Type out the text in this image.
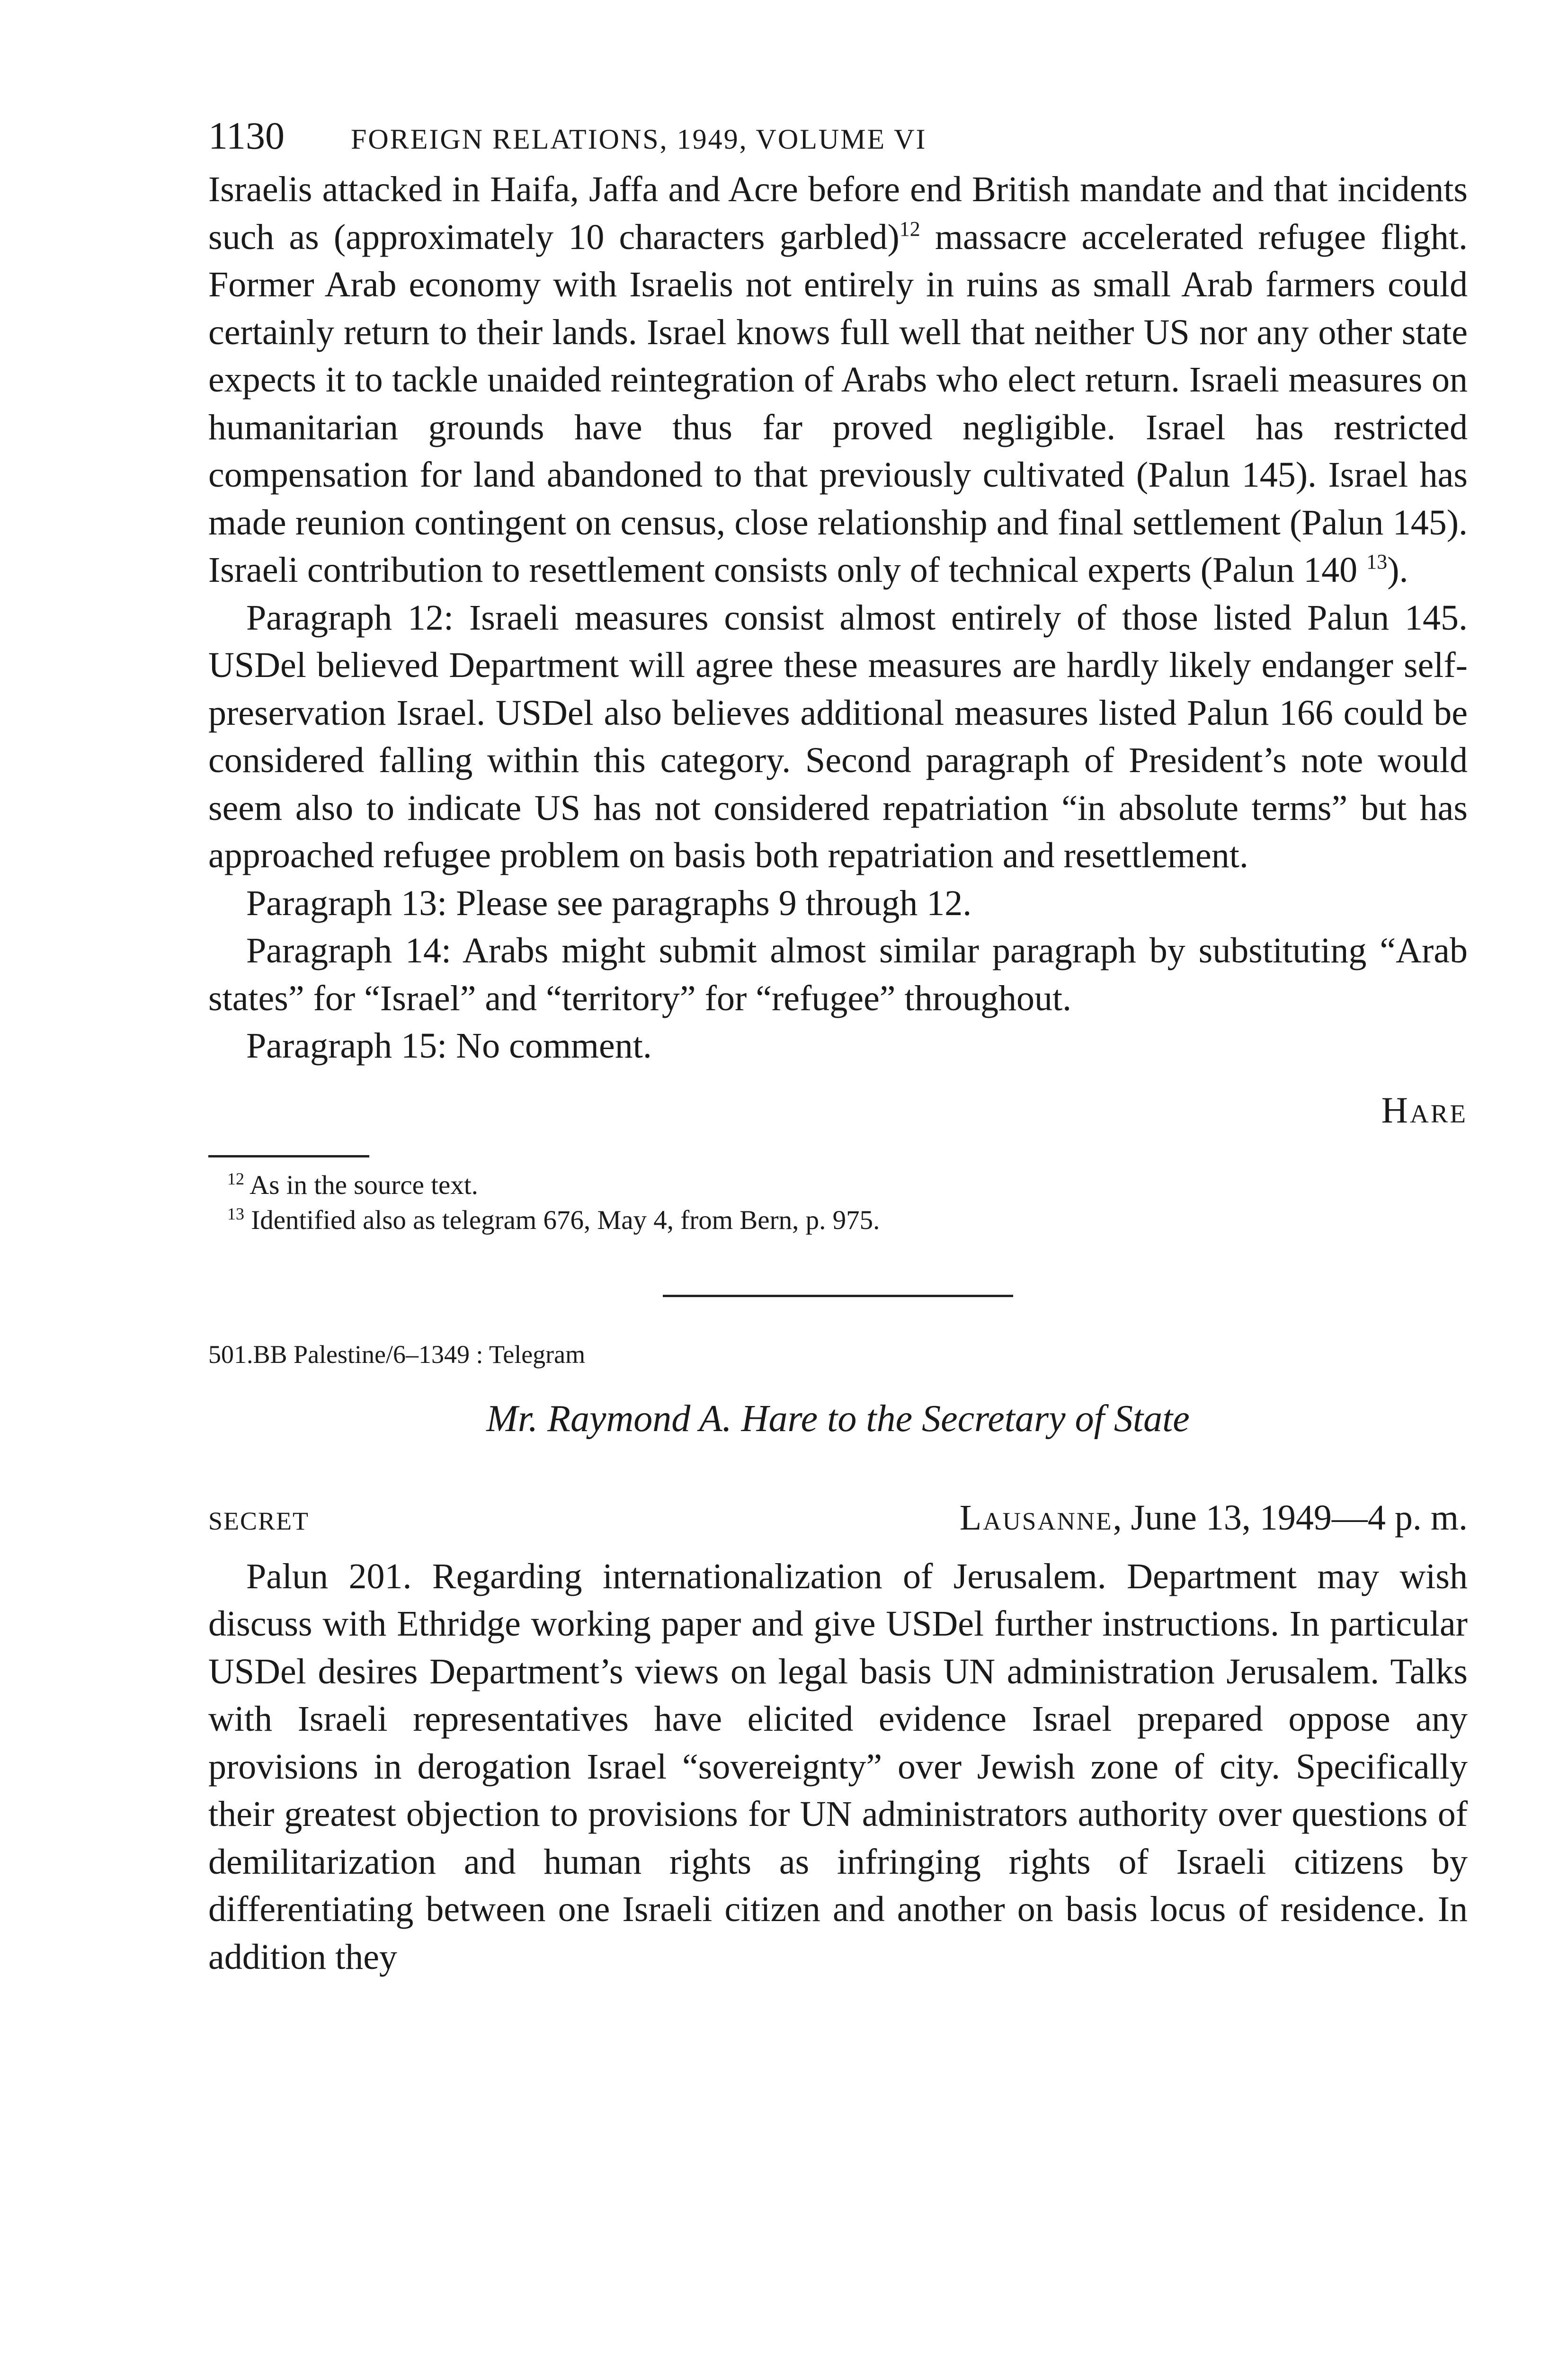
1130 FOREIGN RELATIONS, 1949, VOLUME VI

Israelis attacked in Haifa, Jaffa and Acre before end British mandate and that incidents such as (approximately 10 characters garbled)$^{12}$ massacre accelerated refugee flight. Former Arab economy with Israelis not entirely in ruins as small Arab farmers could certainly return to their lands. Israel knows full well that neither US nor any other state expects it to tackle unaided reintegration of Arabs who elect return. Israeli measures on humanitarian grounds have thus far proved negligible. Israel has restricted compensation for land abandoned to that previously cultivated (Palun 145). Israel has made reunion contingent on census, close relationship and final settlement (Palun 145). Israeli contribution to resettlement consists only of technical experts (Palun 140 $^{13}$).

Paragraph 12: Israeli measures consist almost entirely of those listed Palun 145. USDel believed Department will agree these measures are hardly likely endanger self-preservation Israel. USDel also believes additional measures listed Palun 166 could be considered falling within this category. Second paragraph of President’s note would seem also to indicate US has not considered repatriation “in absolute terms” but has approached refugee problem on basis both repatriation and resettlement.

Paragraph 13: Please see paragraphs 9 through 12.

Paragraph 14: Arabs might submit almost similar paragraph by substituting “Arab states” for “Israel” and “territory” for “refugee” throughout.

Paragraph 15: No comment.

Hare

$^{12}$ As in the source text.

$^{13}$ Identified also as telegram 676, May 4, from Bern, p. 975.

501.BB Palestine/6–1349 : Telegram

Mr. Raymond A. Hare to the Secretary of State
SECRET	Lausanne, June 13, 1949—4 p. m.

Palun 201. Regarding internationalization of Jerusalem. Department may wish discuss with Ethridge working paper and give USDel further instructions. In particular USDel desires Department’s views on legal basis UN administration Jerusalem. Talks with Israeli representatives have elicited evidence Israel prepared oppose any provisions in derogation Israel “sovereignty” over Jewish zone of city. Specifically their greatest objection to provisions for UN administrators authority over questions of demilitarization and human rights as infringing rights of Israeli citizens by differentiating between one Israeli citizen and another on basis locus of residence. In addition they
